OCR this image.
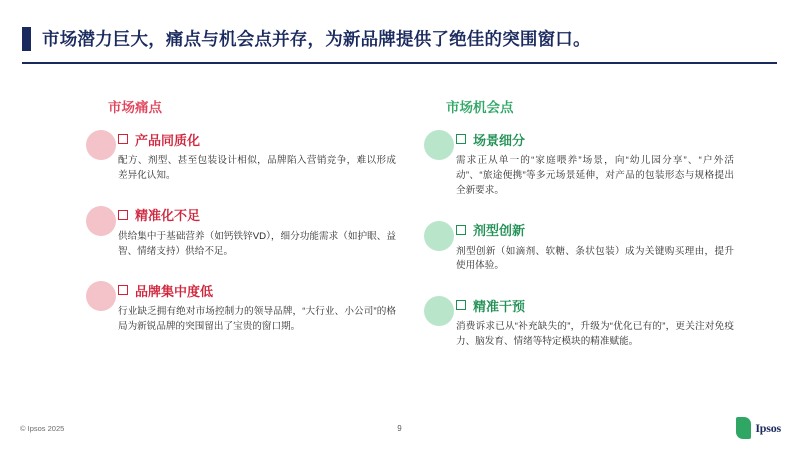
市场潜力巨大，痛点与机会点并存，为新品牌提供了绝佳的突围窗口。
市场痛点
产品同质化
配方、剂型、甚至包装设计相似，品牌陷入营销竞争，难以形成差异化认知。
精准化不足
供给集中于基础营养（如钙铁锌VD），细分功能需求（如护眼、益智、情绪支持）供给不足。
品牌集中度低
行业缺乏拥有绝对市场控制力的领导品牌，“大行业、小公司”的格局为新锐品牌的突围留出了宝贵的窗口期。
市场机会点
场景细分
需求正从单一的“家庭喂养”场景，向“幼儿园分享”、“户外活动”、“旅途便携”等多元场景延伸，对产品的包装形态与规格提出全新要求。
剂型创新
剂型创新（如滴剂、软糖、条状包装）成为关键购买理由，提升使用体验。
精准干预
消费诉求已从“补充缺失的”，升级为“优化已有的”，更关注对免疫力、脑发育、情绪等特定模块的精准赋能。
© Ipsos 2025	9	Ipsos
